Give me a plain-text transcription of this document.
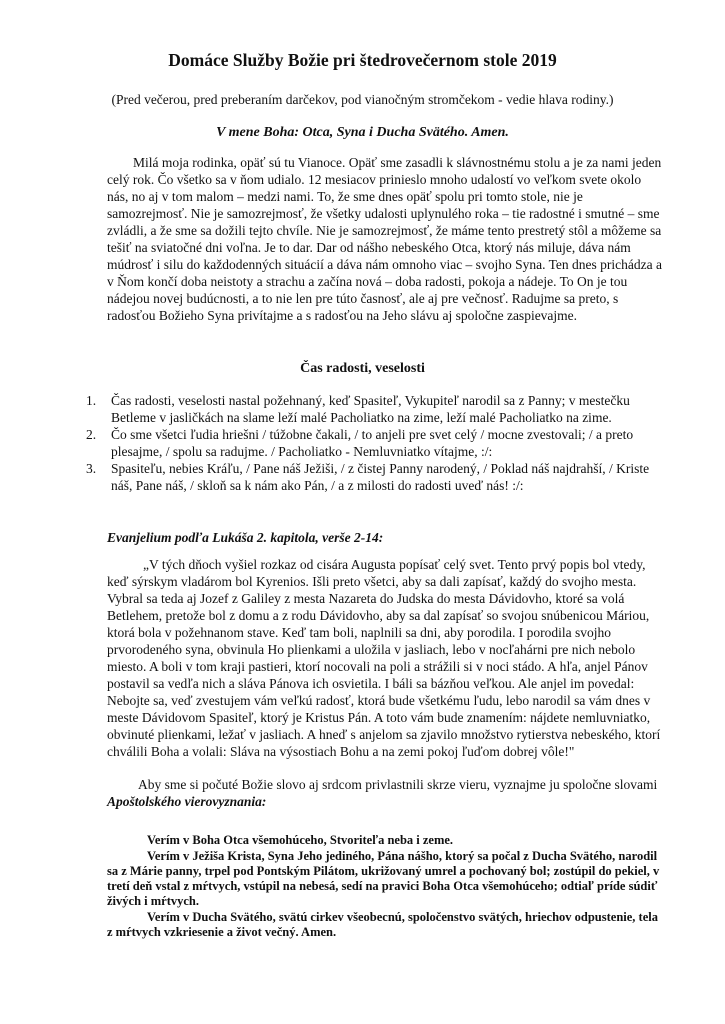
Domáce Služby Božie pri štedrovečernom stole 2019
(Pred večerou, pred preberaním darčekov, pod vianočným stromčekom - vedie hlava rodiny.)
V mene Boha: Otca, Syna i Ducha Svätého. Amen.

Milá moja rodinka, opäť sú tu Vianoce. Opäť sme zasadli k slávnostnému stolu a je za nami jeden celý rok. Čo všetko sa v ňom udialo. 12 mesiacov prinieslo mnoho udalostí vo veľkom svete okolo nás, no aj v tom malom – medzi nami. To, že sme dnes opäť spolu pri tomto stole, nie je samozrejmosť. Nie je samozrejmosť, že všetky udalosti uplynulého roka – tie radostné i smutné – sme zvládli, a že sme sa dožili tejto chvíle. Nie je samozrejmosť, že máme tento prestretý stôl a môžeme sa tešiť na sviatočné dni voľna. Je to dar. Dar od nášho nebeského Otca, ktorý nás miluje, dáva nám múdrosť i silu do každodenných situácií a dáva nám omnoho viac – svojho Syna. Ten dnes prichádza a v Ňom končí doba neistoty a strachu a začína nová – doba radosti, pokoja a nádeje. To On je tou nádejou novej budúcnosti, a to nie len pre túto časnosť, ale aj pre večnosť. Radujme sa preto, s radosťou Božieho Syna privítajme a s radosťou na Jeho slávu aj spoločne zaspievajme.

Čas radosti, veselosti
1. Čas radosti, veselosti nastal požehnaný, keď Spasiteľ, Vykupiteľ narodil sa z Panny; v mestečku Betleme v jasličkách na slame leží malé Pacholiatko na zime, leží malé Pacholiatko na zime.
2. Čo sme všetci ľudia hriešni / túžobne čakali, / to anjeli pre svet celý / mocne zvestovali; / a preto plesajme, / spolu sa radujme. / Pacholiatko - Nemluvniatko vítajme, :/:
3. Spasiteľu, nebies Kráľu, / Pane náš Ježiši, / z čistej Panny narodený, / Poklad náš najdrahší, / Kriste náš, Pane náš, / skloň sa k nám ako Pán, / a z milosti do radosti uveď nás! :/:
Evanjelium podľa Lukáša 2. kapitola, verše 2-14:

„V tých dňoch vyšiel rozkaz od cisára Augusta popísať celý svet. Tento prvý popis bol vtedy, keď sýrskym vladárom bol Kyrenios. Išli preto všetci, aby sa dali zapísať, každý do svojho mesta. Vybral sa teda aj Jozef z Galiley z mesta Nazareta do Judska do mesta Dávidovho, ktoré sa volá Betlehem, pretože bol z domu a z rodu Dávidovho, aby sa dal zapísať so svojou snúbenicou Máriou, ktorá bola v požehnanom stave. Keď tam boli, naplnili sa dni, aby porodila. I porodila svojho prvorodeného syna, obvinula Ho plienkami a uložila v jasliach, lebo v nocľahárni pre nich nebolo miesto. A boli v tom kraji pastieri, ktorí nocovali na poli a strážili si v noci stádo. A hľa, anjel Pánov postavil sa vedľa nich a sláva Pánova ich osvietila. I báli sa bázňou veľkou. Ale anjel im povedal: Nebojte sa, veď zvestujem vám veľkú radosť, ktorá bude všetkému ľudu, lebo narodil sa vám dnes v meste Dávidovom Spasiteľ, ktorý je Kristus Pán. A toto vám bude znamením: nájdete nemluvniatko, obvinuté plienkami, ležať v jasliach. A hneď s anjelom sa zjavilo množstvo rytierstva nebeského, ktorí chválili Boha a volali: Sláva na výsostiach Bohu a na zemi pokoj ľuďom dobrej vôle!"

Aby sme si počuté Božie slovo aj srdcom privlastnili skrze vieru, vyznajme ju spoločne slovami Apoštolského vierovyznania:

Verím v Boha Otca všemohúceho, Stvoriteľa neba i zeme.

Verím v Ježiša Krista, Syna Jeho jediného, Pána nášho, ktorý sa počal z Ducha Svätého, narodil sa z Márie panny, trpel pod Pontským Pilátom, ukrižovaný umrel a pochovaný bol; zostúpil do pekiel, v tretí deň vstal z mŕtvych, vstúpil na nebesá, sedí na pravici Boha Otca všemohúceho; odtiaľ príde súdiť živých i mŕtvych.

Verím v Ducha Svätého, svätú cirkev všeobecnú, spoločenstvo svätých, hriechov odpustenie, tela z mŕtvych vzkriesenie a život večný. Amen.
